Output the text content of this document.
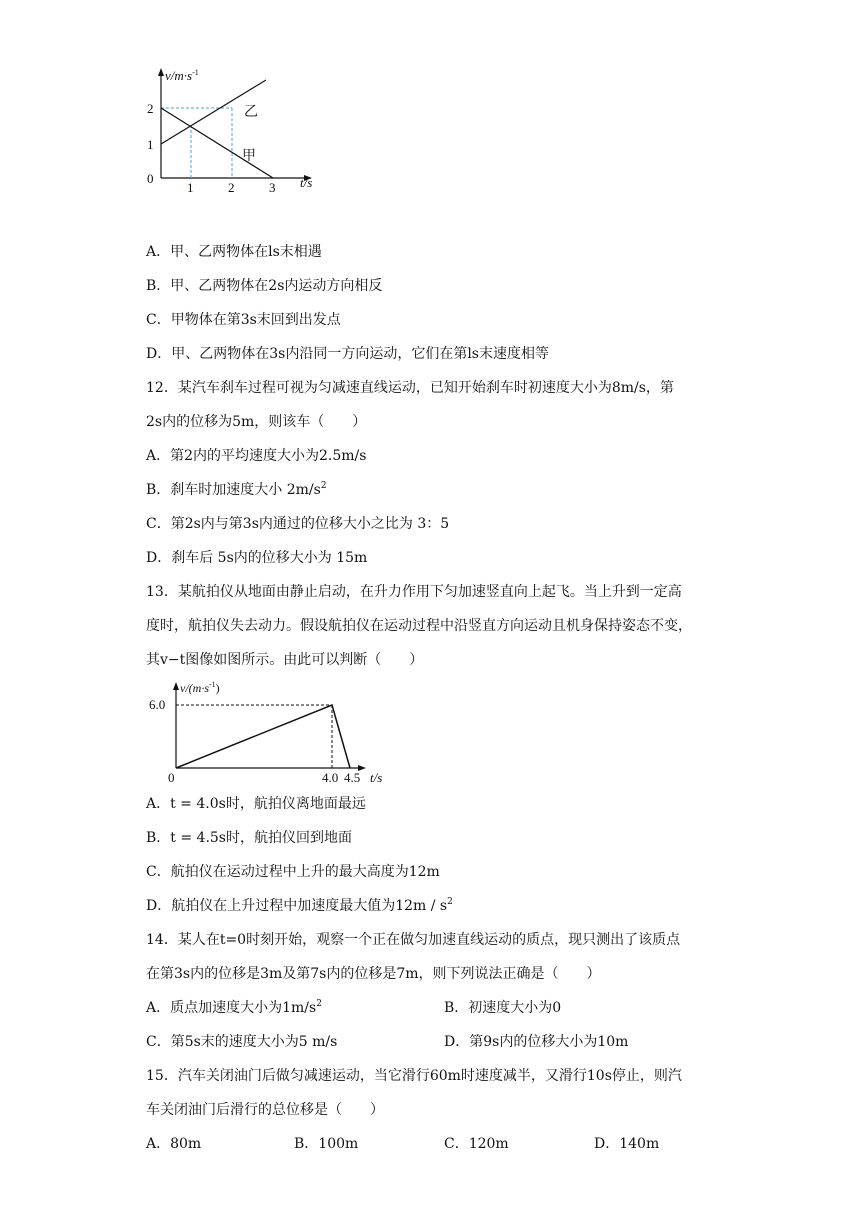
$v/m\cdot s^{-1}$
2
1
0
1	2	3 t/s
乙
甲
A．甲、乙两物体在ls末相遇
B．甲、乙两物体在2s内运动方向相反
C．甲物体在第3s末回到出发点
D．甲、乙两物体在3s内沿同一方向运动，它们在第ls末速度相等
12．某汽车刹车过程可视为匀减速直线运动，已知开始刹车时初速度大小为8m/s，第
2s内的位移为5m，则该车（　　）
A．第2内的平均速度大小为2.5m/s
B．刹车时加速度大小 $2m/s^2$
C．第2s内与第3s内通过的位移大小之比为 3：5
D．刹车后 5s内的位移大小为 15m
13．某航拍仪从地面由静止启动，在升力作用下匀加速竖直向上起飞。当上升到一定高
度时，航拍仪失去动力。假设航拍仪在运动过程中沿竖直方向运动且机身保持姿态不变，
其v−t图像如图所示。由此可以判断（　　）
$v/(m\cdot s^{-1})$
6.0
0	4.0 4.5 t/s
A．t = 4.0s时，航拍仪离地面最远
B．t = 4.5s时，航拍仪回到地面
C．航拍仪在运动过程中上升的最大高度为12m
D．航拍仪在上升过程中加速度最大值为$12m / s^2$
14．某人在t=0时刻开始，观察一个正在做匀加速直线运动的质点，现只测出了该质点
在第3s内的位移是3m及第7s内的位移是7m，则下列说法正确是（　　）
A．质点加速度大小为$1m/s^2$	B．初速度大小为0
C．第5s末的速度大小为5 m/s	D．第9s内的位移大小为10m
15．汽车关闭油门后做匀减速运动，当它滑行60m时速度减半，又滑行10s停止，则汽
车关闭油门后滑行的总位移是（　　）
A．80m	B．100m	C．120m	D．140m
